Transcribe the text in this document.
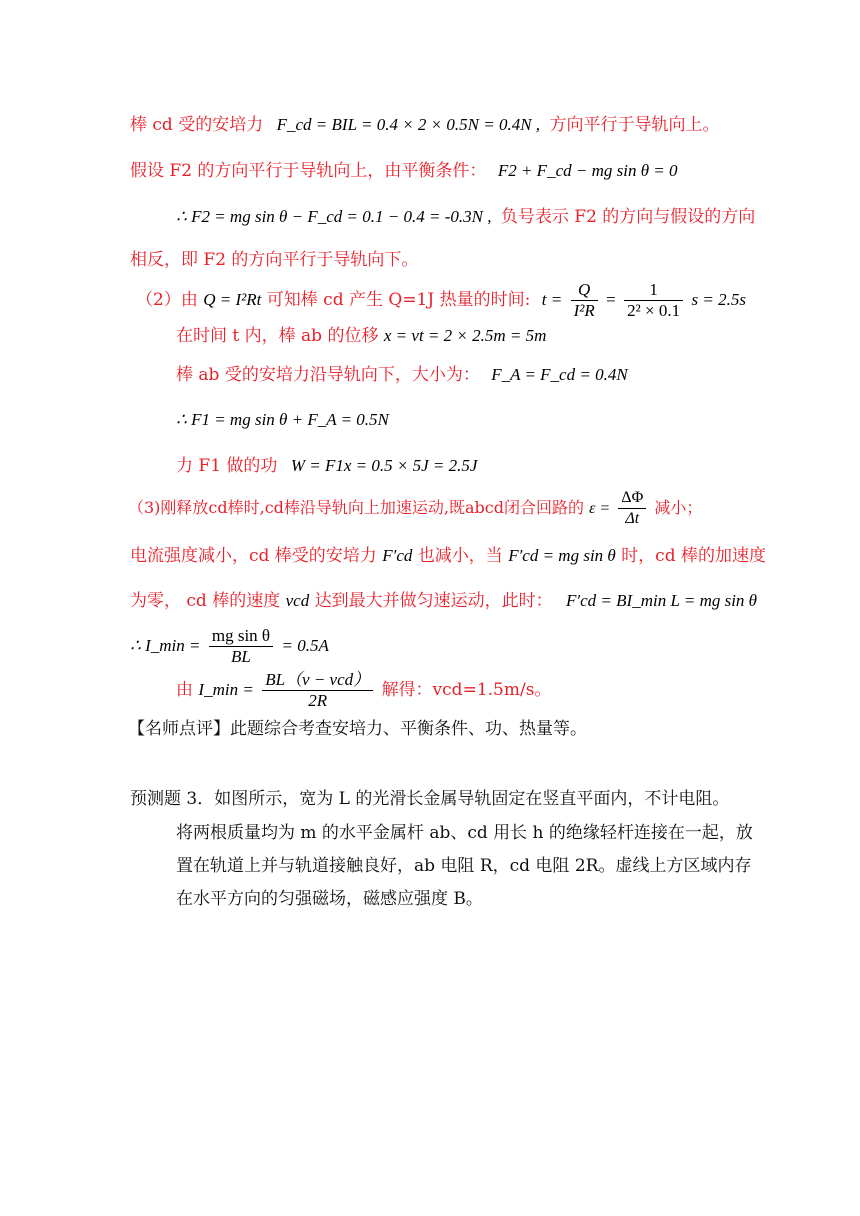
棒 cd 受的安培力 F_cd = BIL = 0.4 × 2 × 0.5N = 0.4N , 方向平行于导轨向上。
假设 F2 的方向平行于导轨向上，由平衡条件： F2 + F_cd − mg sin θ = 0
∴ F2 = mg sin θ − F_cd = 0.1 − 0.4 = -0.3N , 负号表示 F2 的方向与假设的方向
相反，即 F2 的方向平行于导轨向下。
（2）由 Q = I²Rt 可知棒 cd 产生 Q=1J 热量的时间: $t = \frac{Q}{\text{I²R}} = \frac{1}{\text{2² × 0.1}}$ s = 2.5s
在时间 t 内，棒 ab 的位移 x = vt = 2 × 2.5m = 5m
棒 ab 受的安培力沿导轨向下，大小为： F_A = F_cd = 0.4N
∴ F1 = mg sin θ + F_A = 0.5N
力 F1 做的功 W = F1x = 0.5 × 5J = 2.5J
（3)刚释放cd棒时,cd棒沿导轨向上加速运动,既abcd闭合回路的 $\varepsilon = \frac{\Delta\Phi}{\Delta t}$ 减小；
电流强度减小，cd 棒受的安培力 F′cd 也减小，当 F′cd = mg sin θ 时，cd 棒的加速度
为零， cd 棒的速度 vcd 达到最大并做匀速运动，此时： F′cd = BI_min L = mg sin θ
∴ I_min = $\frac{\text{mg sin θ}}{BL} = 0.5A$
由 I_min = $\frac{\text{BL（v − vcd）}}{2R}$ 解得：vcd=1.5m/s。
【名师点评】此题综合考查安培力、平衡条件、功、热量等。
预测题 3．如图所示，宽为 L 的光滑长金属导轨固定在竖直平面内，不计电阻。
将两根质量均为 m 的水平金属杆 ab、cd 用长 h 的绝缘轻杆连接在一起，放
置在轨道上并与轨道接触良好，ab 电阻 R，cd 电阻 2R。虚线上方区域内存
在水平方向的匀强磁场，磁感应强度 B。
